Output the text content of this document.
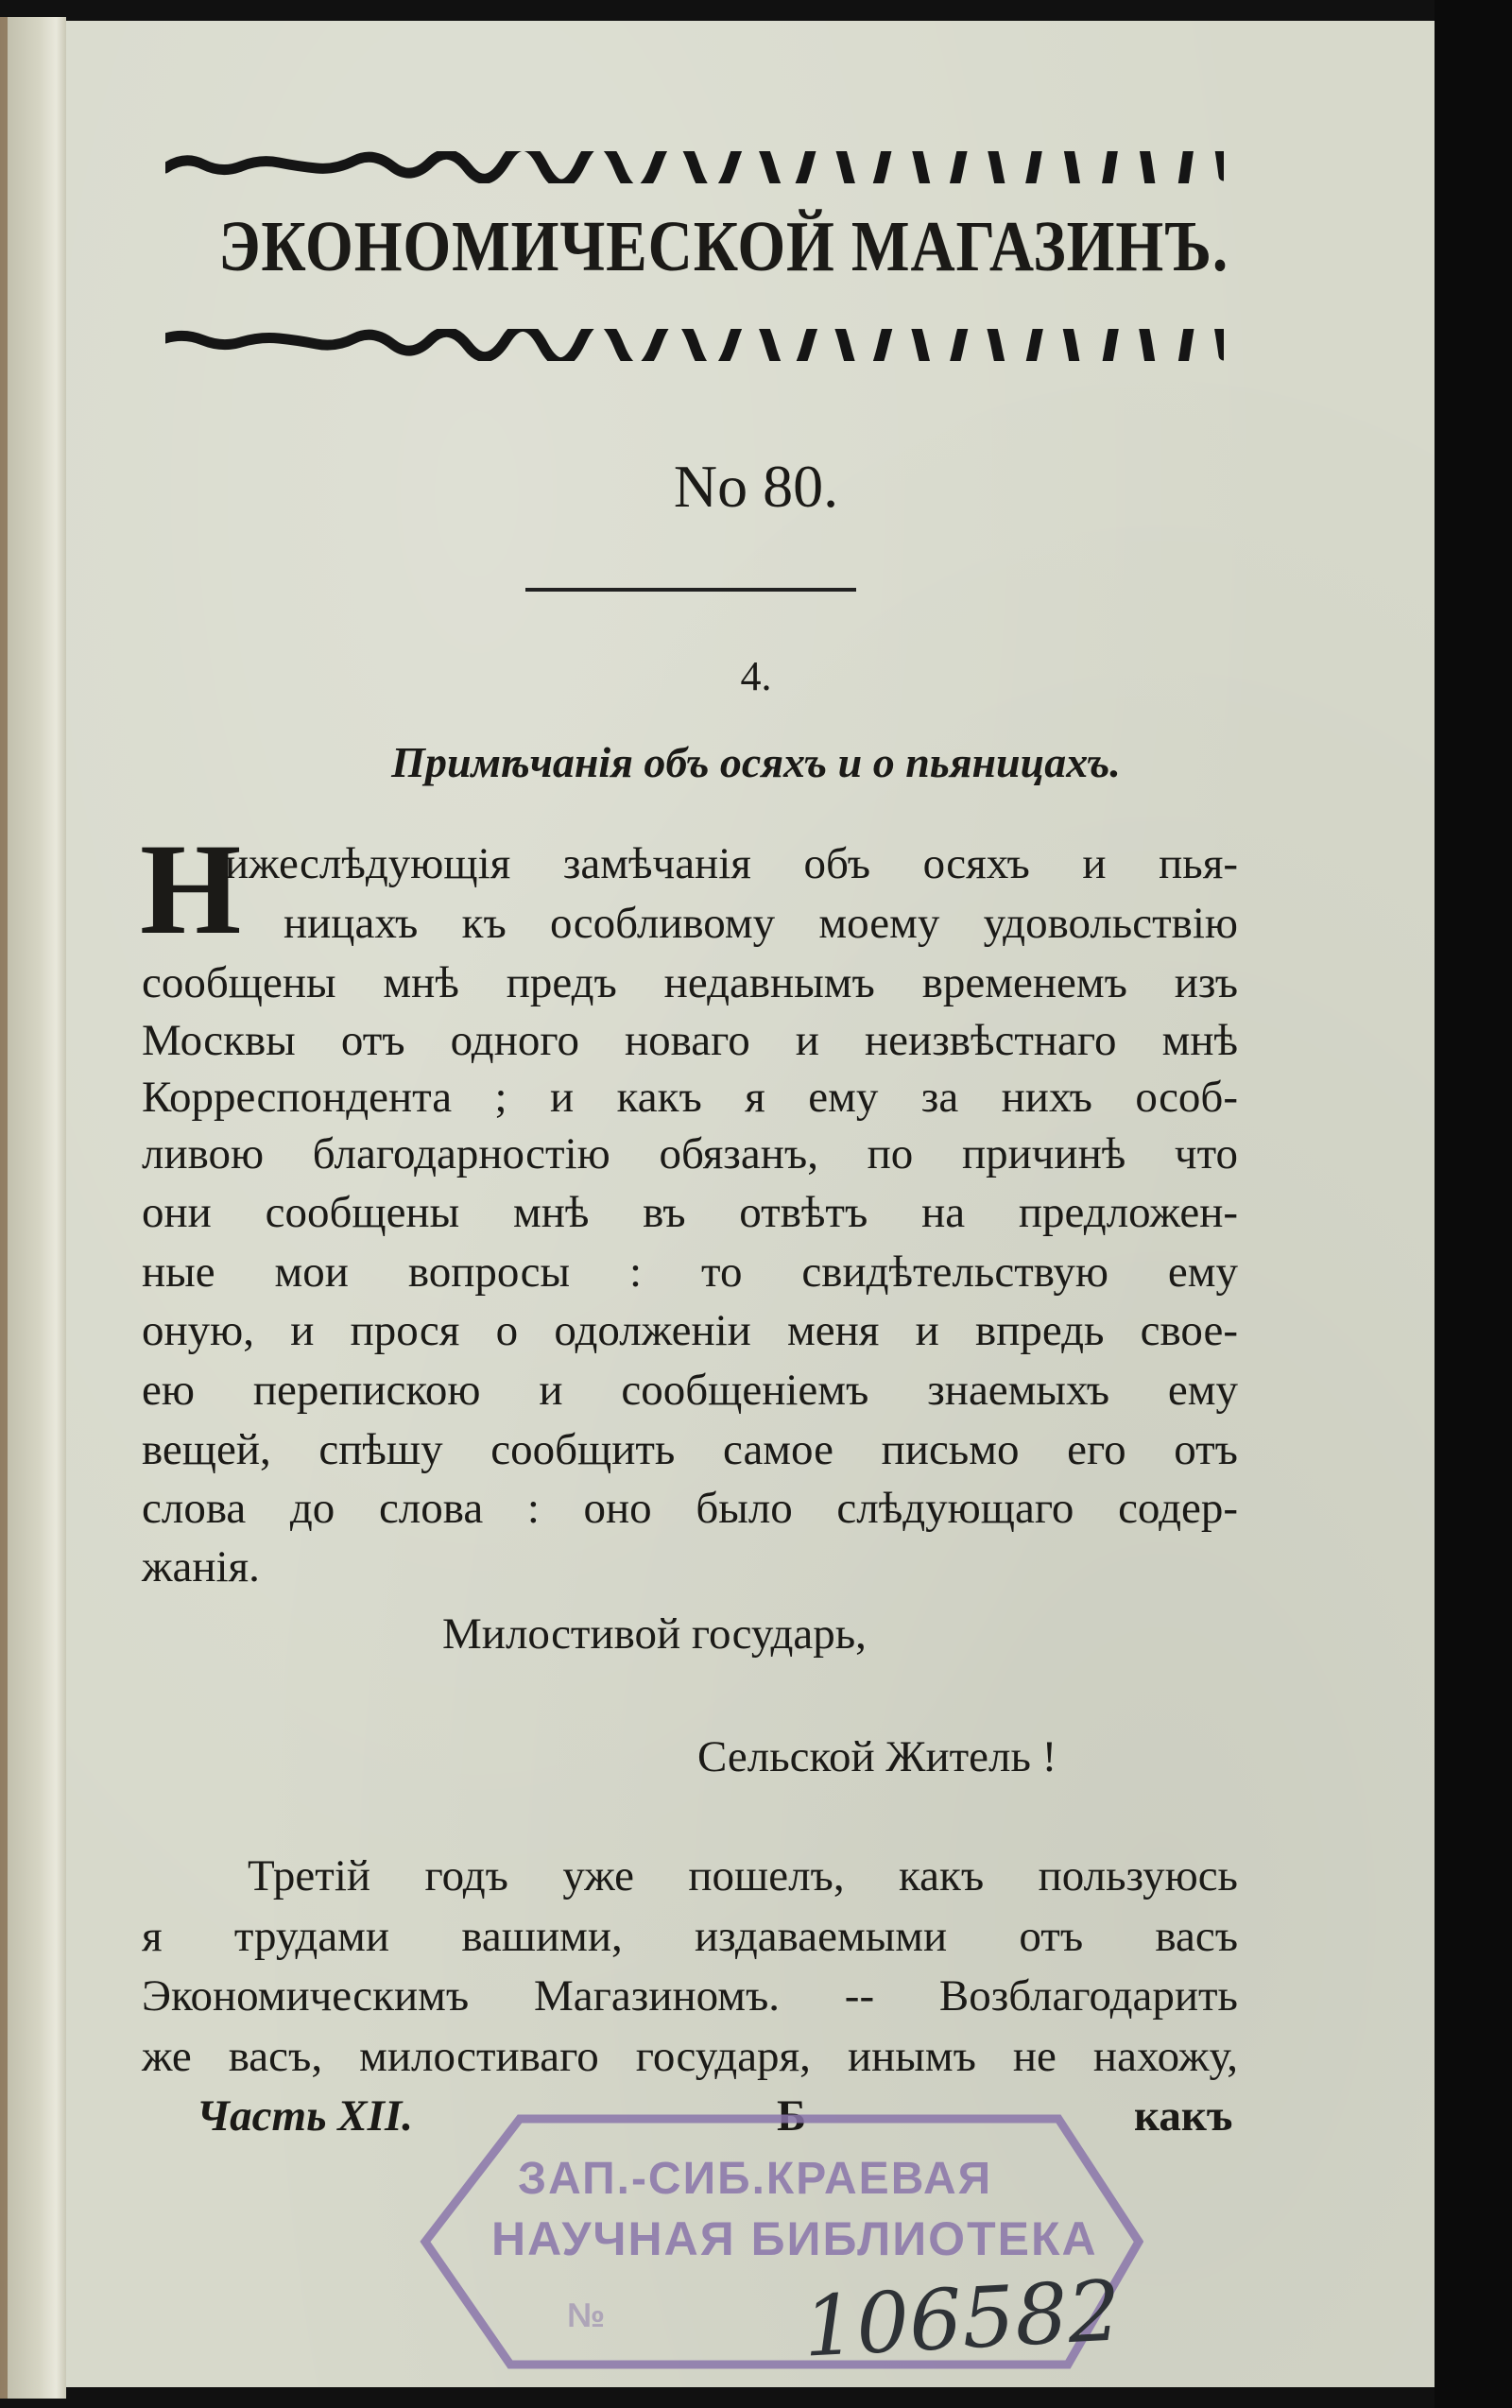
ЭКОНОМИЧЕСКОЙ МАГАЗИНЪ.
No 80.
4.
Примѣчанія объ осяхъ и о пьяницахъ.
Н
ижеслѣдующія замѣчанія объ осяхъ и пья-
ницахъ къ особливому моему удовольствію
сообщены мнѣ предъ недавнымъ временемъ изъ
Москвы отъ одного новаго и неизвѣстнаго мнѣ
Корреспондента ; и какъ я ему за нихъ особ-
ливою благодарностію обязанъ, по причинѣ что
они сообщены мнѣ въ отвѣтъ на предложен-
ные мои вопросы : то свидѣтельствую ему
оную, и прося о одолженіи меня и впредь свое-
ею перепискою и сообщеніемъ знаемыхъ ему
вещей, спѣшу сообщить самое письмо его отъ
слова до слова : оно было слѣдующаго содер-
жанія.
Милостивой государь,
Сельской Житель !
Третій годъ уже пошелъ, какъ пользуюсь
я трудами вашими, издаваемыми отъ васъ
Экономическимъ Магазиномъ. -- Возблагодарить
же васъ, милостиваго государя, инымъ не нахожу,
Часть XII.	Б	какъ
ЗАП.-СИБ.КРАЕВАЯ
НАУЧНАЯ БИБЛИОТЕКА
№ 106582
